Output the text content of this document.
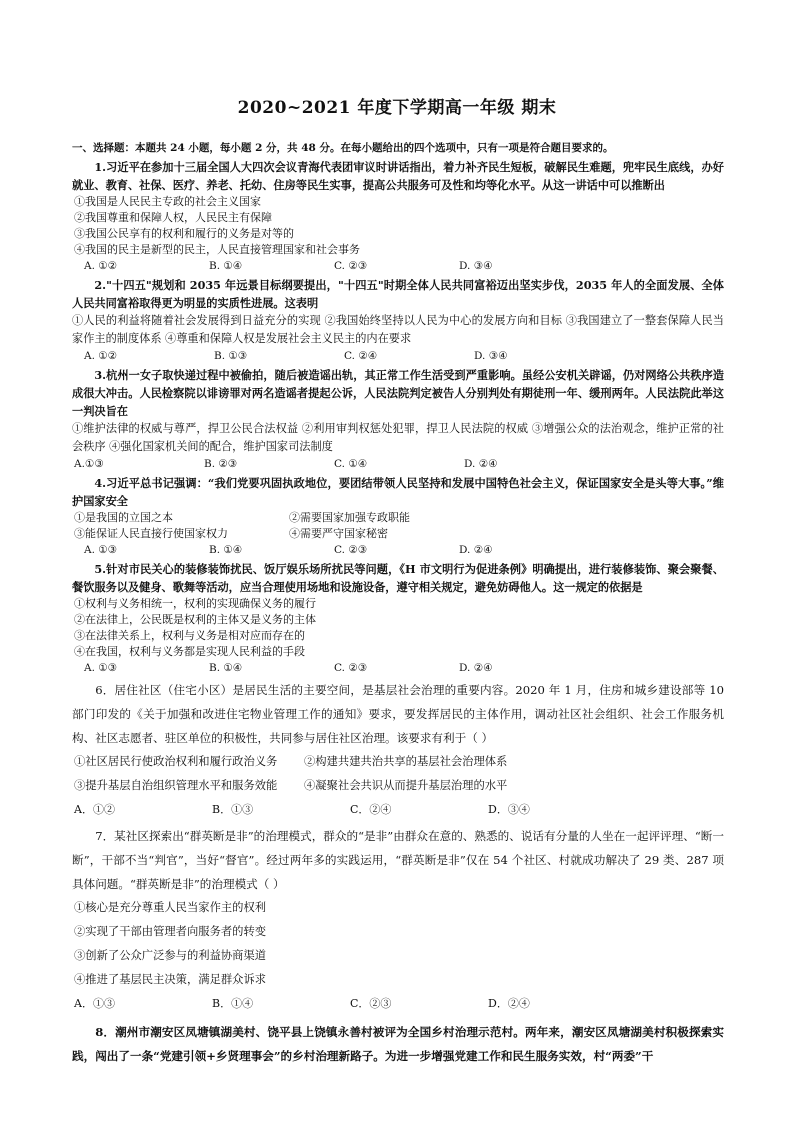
2020~2021 年度下学期高一年级 期末

一、选择题：本题共 24 小题，每小题 2 分，共 48 分。在每小题给出的四个选项中，只有一项是符合题目要求的。

1.习近平在参加十三届全国人大四次会议青海代表团审议时讲话指出，着力补齐民生短板，破解民生难题，兜牢民生底线，办好就业、教育、社保、医疗、养老、托幼、住房等民生实事，提高公共服务可及性和均等化水平。从这一讲话中可以推断出

①我国是人民民主专政的社会主义国家

②我国尊重和保障人权，人民民主有保障

③我国公民享有的权利和履行的义务是对等的

④我国的民主是新型的民主，人民直接管理国家和社会事务

A. ①②	B. ①④	C. ②③	D. ③④

2."十四五"规划和 2035 年远景目标纲要提出，"十四五"时期全体人民共同富裕迈出坚实步伐，2035 年人的全面发展、全体人民共同富裕取得更为明显的实质性进展。这表明

①人民的利益将随着社会发展得到日益充分的实现 ②我国始终坚持以人民为中心的发展方向和目标 ③我国建立了一整套保障人民当家作主的制度体系 ④尊重和保障人权是发展社会主义民主的内在要求

A. ①②	B. ①③	C. ②④	D. ③④

3.杭州一女子取快递过程中被偷拍，随后被造谣出轨，其正常工作生活受到严重影响。虽经公安机关辟谣，仍对网络公共秩序造成很大冲击。人民检察院以诽谤罪对两名造谣者提起公诉，人民法院判定被告人分别判处有期徒刑一年、缓刑两年。人民法院此举这一判决旨在

①维护法律的权威与尊严，捍卫公民合法权益 ②利用审判权惩处犯罪，捍卫人民法院的权威 ③增强公众的法治观念，维护正常的社会秩序 ④强化国家机关间的配合，维护国家司法制度

A.①③	B. ②③	C. ①④	D. ②④

4.习近平总书记强调：“我们党要巩固执政地位，要团结带领人民坚持和发展中国特色社会主义，保证国家安全是头等大事。”维护国家安全

①是我国的立国之本	②需要国家加强专政职能
③能保证人民直接行使国家权力	④需要严守国家秘密
A. ①③	B. ①④	C. ②③	D. ②④

5.针对市民关心的装修装饰扰民、饭厅娱乐场所扰民等问题，《H 市文明行为促进条例》明确提出，进行装修装饰、聚会聚餐、餐饮服务以及健身、歌舞等活动，应当合理使用场地和设施设备，遵守相关规定，避免妨碍他人。这一规定的依据是

①权利与义务相统一，权利的实现确保义务的履行

②在法律上，公民既是权利的主体又是义务的主体

③在法律关系上，权利与义务是相对应而存在的

④在我国，权利与义务都是实现人民利益的手段

A. ①③	B. ①④	C. ②③	D. ②④

6．居住社区（住宅小区）是居民生活的主要空间，是基层社会治理的重要内容。2020 年 1 月，住房和城乡建设部等 10 部门印发的《关于加强和改进住宅物业管理工作的通知》要求，要发挥居民的主体作用，调动社区社会组织、社会工作服务机构、社区志愿者、驻区单位的积极性，共同参与居住社区治理。该要求有利于（ ）

①社区居民行使政治权利和履行政治义务	②构建共建共治共享的基层社会治理体系
③提升基层自治组织管理水平和服务效能	④凝聚社会共识从而提升基层治理的水平
A．①②	B．①③	C．②④	D．③④

7．某社区探索出“群英断是非”的治理模式，群众的“是非”由群众在意的、熟悉的、说话有分量的人坐在一起评评理、“断一断”，干部不当“判官”，当好“督官”。经过两年多的实践运用，“群英断是非”仅在 54 个社区、村就成功解决了 29 类、287 项具体问题。“群英断是非”的治理模式（ ）

①核心是充分尊重人民当家作主的权利

②实现了干部由管理者向服务者的转变

③创新了公众广泛参与的利益协商渠道

④推进了基层民主决策，满足群众诉求

A．①③	B．①④	C．②③	D．②④

8．潮州市潮安区凤塘镇湖美村、饶平县上饶镇永善村被评为全国乡村治理示范村。两年来，潮安区凤塘湖美村积极探索实践，闯出了一条“党建引领+乡贤理事会”的乡村治理新路子。为进一步增强党建工作和民生服务实效，村“两委”干
